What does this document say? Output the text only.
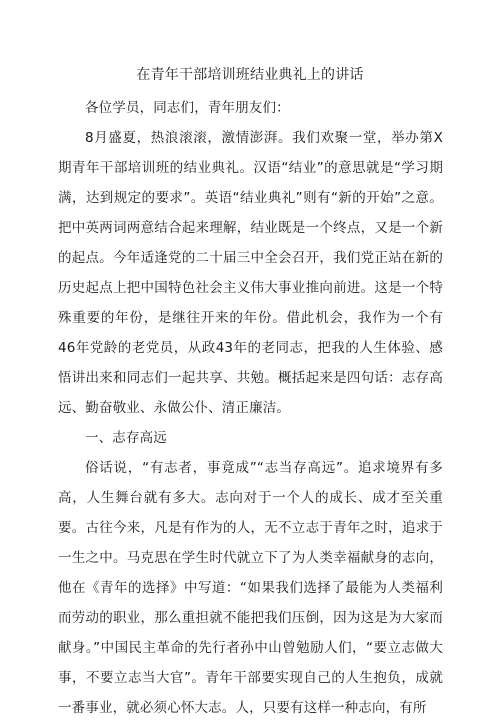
在青年干部培训班结业典礼上的讲话

各位学员，同志们，青年朋友们：

8月盛夏，热浪滚滚，激情澎湃。我们欢聚一堂，举办第X期青年干部培训班的结业典礼。汉语“结业”的意思就是“学习期满，达到规定的要求”。英语“结业典礼”则有“新的开始”之意。把中英两词两意结合起来理解，结业既是一个终点，又是一个新的起点。今年适逢党的二十届三中全会召开，我们党正站在新的历史起点上把中国特色社会主义伟大事业推向前进。这是一个特殊重要的年份，是继往开来的年份。借此机会，我作为一个有46年党龄的老党员，从政43年的老同志，把我的人生体验、感悟讲出来和同志们一起共享、共勉。概括起来是四句话：志存高远、勤奋敬业、永做公仆、清正廉洁。

一、志存高远

俗话说，“有志者，事竟成”“志当存高远”。追求境界有多高，人生舞台就有多大。志向对于一个人的成长、成才至关重要。古往今来，凡是有作为的人，无不立志于青年之时，追求于一生之中。马克思在学生时代就立下了为人类幸福献身的志向，他在《青年的选择》中写道：“如果我们选择了最能为人类福利而劳动的职业，那么重担就不能把我们压倒，因为这是为大家而献身。”中国民主革命的先行者孙中山曾勉励人们，“要立志做大事，不要立志当大官”。青年干部要实现自己的人生抱负，成就一番事业，就必须心怀大志。人，只要有这样一种志向，有所
